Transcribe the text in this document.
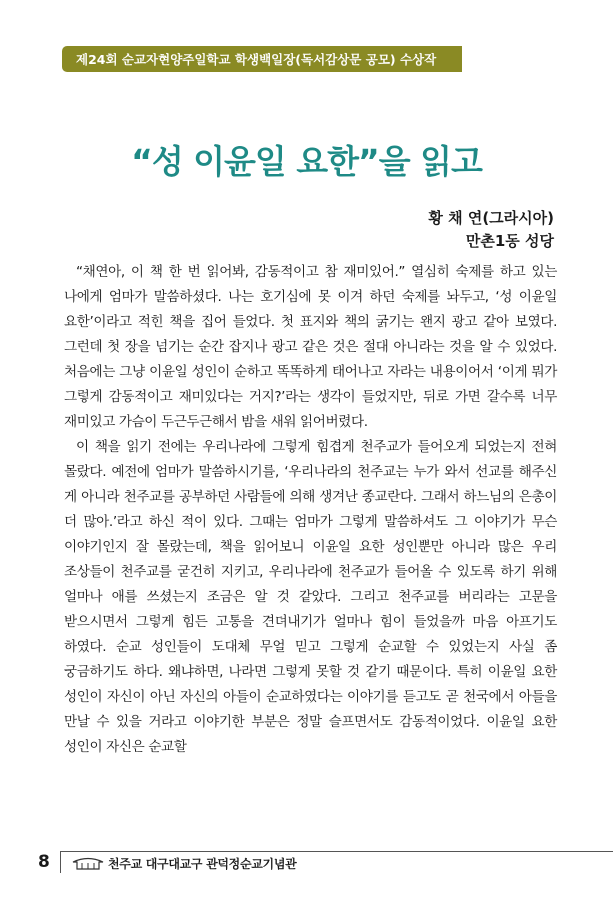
제24회 순교자현양주일학교 학생백일장(독서감상문 공모) 수상작
“성 이윤일 요한”을 읽고
황 채 연(그라시아)
만촌1동 성당

“채연아, 이 책 한 번 읽어봐, 감동적이고 참 재미있어.” 열심히 숙제를 하고 있는 나에게 엄마가 말씀하셨다. 나는 호기심에 못 이겨 하던 숙제를 놔두고, ‘성 이윤일 요한’이라고 적힌 책을 집어 들었다. 첫 표지와 책의 굵기는 왠지 광고 같아 보였다. 그런데 첫 장을 넘기는 순간 잡지나 광고 같은 것은 절대 아니라는 것을 알 수 있었다. 처음에는 그냥 이윤일 성인이 순하고 똑똑하게 태어나고 자라는 내용이어서 ‘이게 뭐가 그렇게 감동적이고 재미있다는 거지?’라는 생각이 들었지만, 뒤로 가면 갈수록 너무 재미있고 가슴이 두근두근해서 밤을 새워 읽어버렸다.

이 책을 읽기 전에는 우리나라에 그렇게 힘겹게 천주교가 들어오게 되었는지 전혀 몰랐다. 예전에 엄마가 말씀하시기를, ‘우리나라의 천주교는 누가 와서 선교를 해주신 게 아니라 천주교를 공부하던 사람들에 의해 생겨난 종교란다. 그래서 하느님의 은총이 더 많아.’라고 하신 적이 있다. 그때는 엄마가 그렇게 말씀하셔도 그 이야기가 무슨 이야기인지 잘 몰랐는데, 책을 읽어보니 이윤일 요한 성인뿐만 아니라 많은 우리 조상들이 천주교를 굳건히 지키고, 우리나라에 천주교가 들어올 수 있도록 하기 위해 얼마나 애를 쓰셨는지 조금은 알 것 같았다. 그리고 천주교를 버리라는 고문을 받으시면서 그렇게 힘든 고통을 견뎌내기가 얼마나 힘이 들었을까 마음 아프기도 하였다. 순교 성인들이 도대체 무얼 믿고 그렇게 순교할 수 있었는지 사실 좀 궁금하기도 하다. 왜냐하면, 나라면 그렇게 못할 것 같기 때문이다. 특히 이윤일 요한 성인이 자신이 아닌 자신의 아들이 순교하였다는 이야기를 듣고도 곧 천국에서 아들을 만날 수 있을 거라고 이야기한 부분은 정말 슬프면서도 감동적이었다. 이윤일 요한 성인이 자신은 순교할

8	천주교 대구대교구 관덕정순교기념관
